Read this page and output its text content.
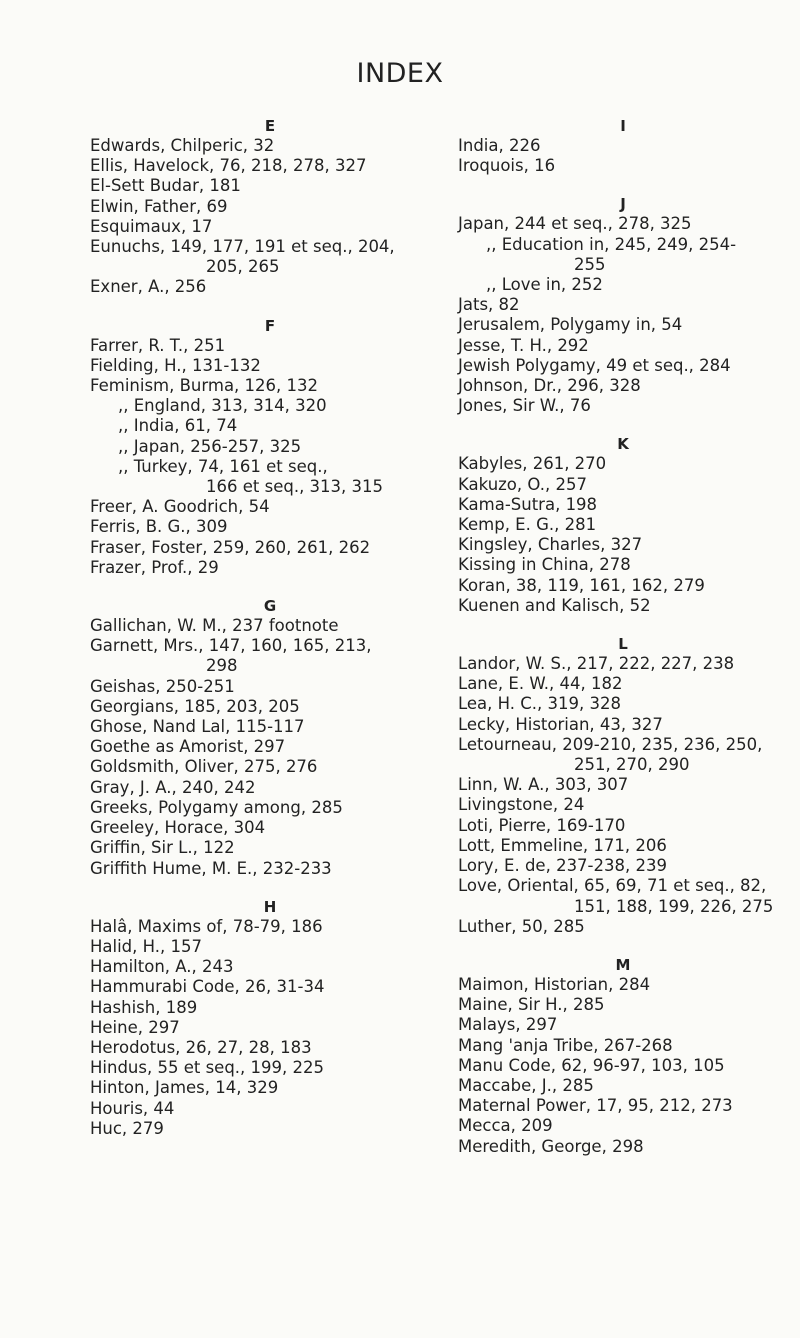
INDEX
E
Edwards, Chilperic, 32
Ellis, Havelock, 76, 218, 278, 327
El-Sett Budar, 181
Elwin, Father, 69
Esquimaux, 17
Eunuchs, 149, 177, 191 et seq., 204,
205, 265
Exner, A., 256
F
Farrer, R. T., 251
Fielding, H., 131-132
Feminism, Burma, 126, 132
,, England, 313, 314, 320
,, India, 61, 74
,, Japan, 256-257, 325
,, Turkey, 74, 161 et seq.,
166 et seq., 313, 315
Freer, A. Goodrich, 54
Ferris, B. G., 309
Fraser, Foster, 259, 260, 261, 262
Frazer, Prof., 29
G
Gallichan, W. M., 237 footnote
Garnett, Mrs., 147, 160, 165, 213,
298
Geishas, 250-251
Georgians, 185, 203, 205
Ghose, Nand Lal, 115-117
Goethe as Amorist, 297
Goldsmith, Oliver, 275, 276
Gray, J. A., 240, 242
Greeks, Polygamy among, 285
Greeley, Horace, 304
Griffin, Sir L., 122
Griffith Hume, M. E., 232-233
H
Halâ, Maxims of, 78-79, 186
Halid, H., 157
Hamilton, A., 243
Hammurabi Code, 26, 31-34
Hashish, 189
Heine, 297
Herodotus, 26, 27, 28, 183
Hindus, 55 et seq., 199, 225
Hinton, James, 14, 329
Houris, 44
Huc, 279
I
India, 226
Iroquois, 16
J
Japan, 244 et seq., 278, 325
,, Education in, 245, 249, 254-
255
,, Love in, 252
Jats, 82
Jerusalem, Polygamy in, 54
Jesse, T. H., 292
Jewish Polygamy, 49 et seq., 284
Johnson, Dr., 296, 328
Jones, Sir W., 76
K
Kabyles, 261, 270
Kakuzo, O., 257
Kama-Sutra, 198
Kemp, E. G., 281
Kingsley, Charles, 327
Kissing in China, 278
Koran, 38, 119, 161, 162, 279
Kuenen and Kalisch, 52
L
Landor, W. S., 217, 222, 227, 238
Lane, E. W., 44, 182
Lea, H. C., 319, 328
Lecky, Historian, 43, 327
Letourneau, 209-210, 235, 236, 250,
251, 270, 290
Linn, W. A., 303, 307
Livingstone, 24
Loti, Pierre, 169-170
Lott, Emmeline, 171, 206
Lory, E. de, 237-238, 239
Love, Oriental, 65, 69, 71 et seq., 82,
151, 188, 199, 226, 275
Luther, 50, 285
M
Maimon, Historian, 284
Maine, Sir H., 285
Malays, 297
Mang 'anja Tribe, 267-268
Manu Code, 62, 96-97, 103, 105
Maccabe, J., 285
Maternal Power, 17, 95, 212, 273
Mecca, 209
Meredith, George, 298
